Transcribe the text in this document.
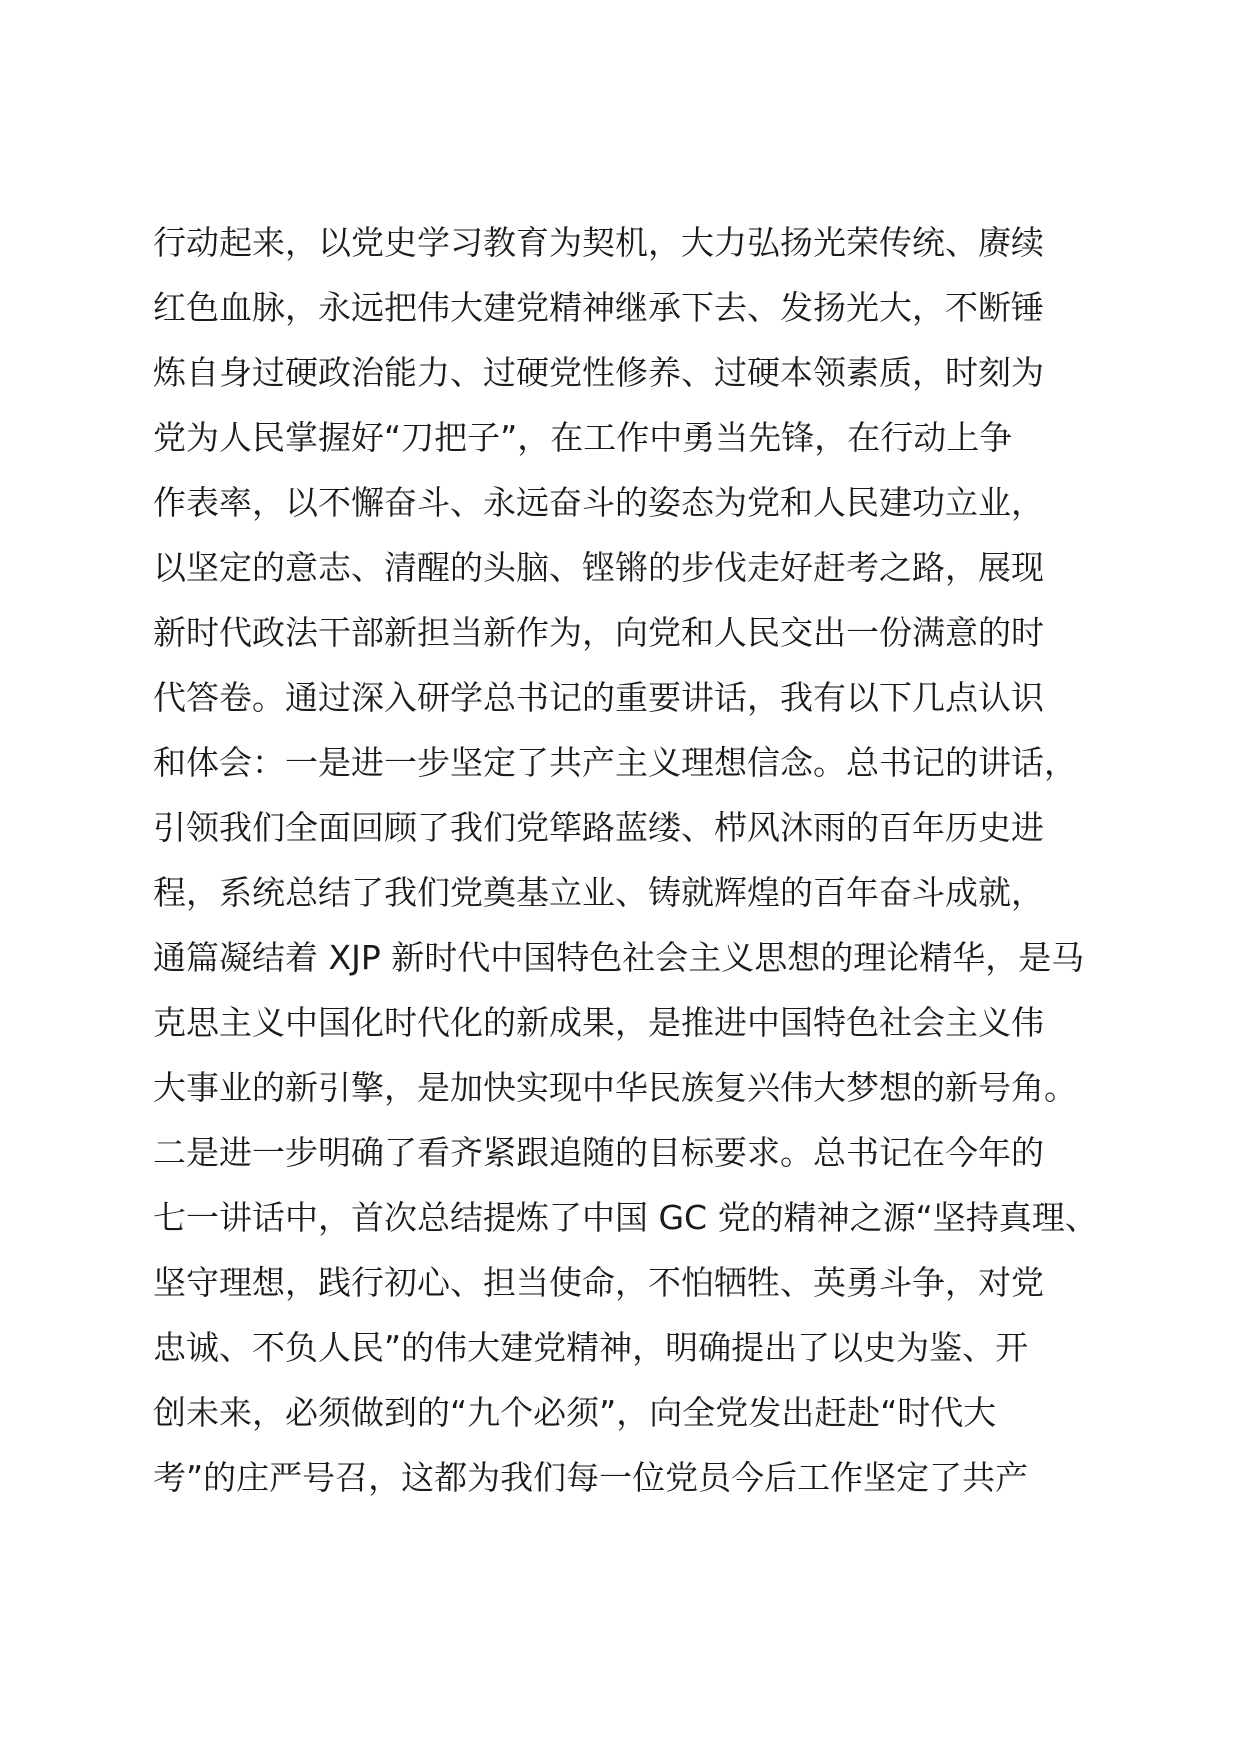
行动起来，以党史学习教育为契机，大力弘扬光荣传统、赓续
红色血脉，永远把伟大建党精神继承下去、发扬光大，不断锤
炼自身过硬政治能力、过硬党性修养、过硬本领素质，时刻为
党为人民掌握好“刀把子”，在工作中勇当先锋，在行动上争
作表率，以不懈奋斗、永远奋斗的姿态为党和人民建功立业，
以坚定的意志、清醒的头脑、铿锵的步伐走好赶考之路，展现
新时代政法干部新担当新作为，向党和人民交出一份满意的时
代答卷。通过深入研学总书记的重要讲话，我有以下几点认识
和体会：一是进一步坚定了共产主义理想信念。总书记的讲话，
引领我们全面回顾了我们党筚路蓝缕、栉风沐雨的百年历史进
程，系统总结了我们党奠基立业、铸就辉煌的百年奋斗成就，
通篇凝结着 XJP 新时代中国特色社会主义思想的理论精华，是马
克思主义中国化时代化的新成果，是推进中国特色社会主义伟
大事业的新引擎，是加快实现中华民族复兴伟大梦想的新号角。
二是进一步明确了看齐紧跟追随的目标要求。总书记在今年的
七一讲话中，首次总结提炼了中国 GC 党的精神之源“坚持真理、
坚守理想，践行初心、担当使命，不怕牺牲、英勇斗争，对党
忠诚、不负人民”的伟大建党精神，明确提出了以史为鉴、开
创未来，必须做到的“九个必须”，向全党发出赶赴“时代大
考”的庄严号召，这都为我们每一位党员今后工作坚定了共产
